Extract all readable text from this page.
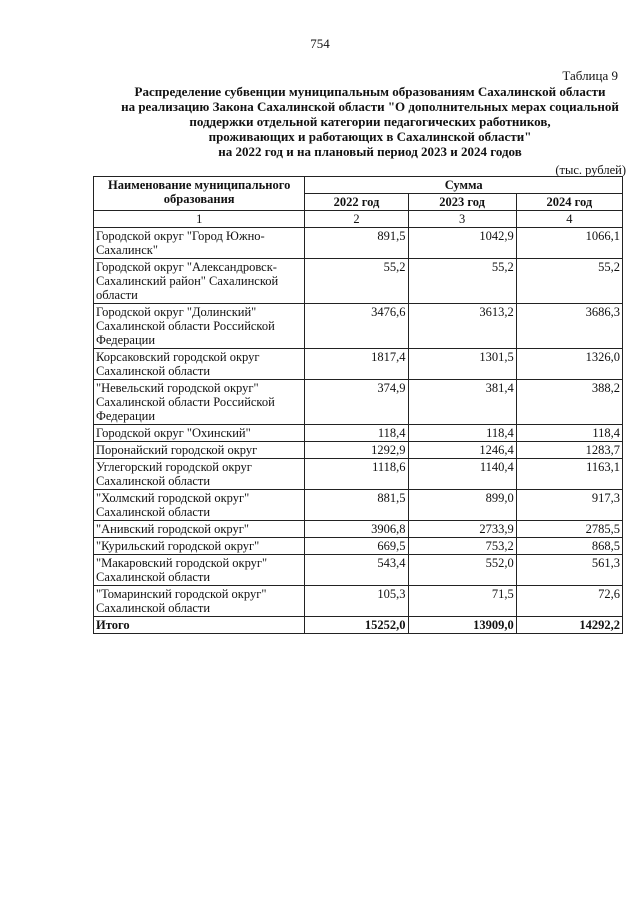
754
Таблица 9
Распределение субвенции муниципальным образованиям Сахалинской области
на реализацию Закона Сахалинской области "О дополнительных мерах социальной
поддержки отдельной категории педагогических работников,
проживающих и работающих в Сахалинской области"
на 2022 год и на плановый период 2023 и 2024 годов
(тыс. рублей)
Наименование муниципального образования	Сумма		
	2022 год	2023 год	2024 год
1	2	3	4
Городской округ "Город Южно-Сахалинск"	891,5	1042,9	1066,1
Городской округ "Александровск-Сахалинский район" Сахалинской области	55,2	55,2	55,2
Городской округ "Долинский" Сахалинской области Российской Федерации	3476,6	3613,2	3686,3
Корсаковский городской округ Сахалинской области	1817,4	1301,5	1326,0
"Невельский городской округ" Сахалинской области Российской Федерации	374,9	381,4	388,2
Городской округ "Охинский"	118,4	118,4	118,4
Поронайский городской округ	1292,9	1246,4	1283,7
Углегорский городской округ Сахалинской области	1118,6	1140,4	1163,1
"Холмский городской округ" Сахалинской области	881,5	899,0	917,3
"Анивский городской округ"	3906,8	2733,9	2785,5
"Курильский городской округ"	669,5	753,2	868,5
"Макаровский городской округ" Сахалинской области	543,4	552,0	561,3
"Томаринский городской округ" Сахалинской области	105,3	71,5	72,6
Итого	15252,0	13909,0	14292,2
